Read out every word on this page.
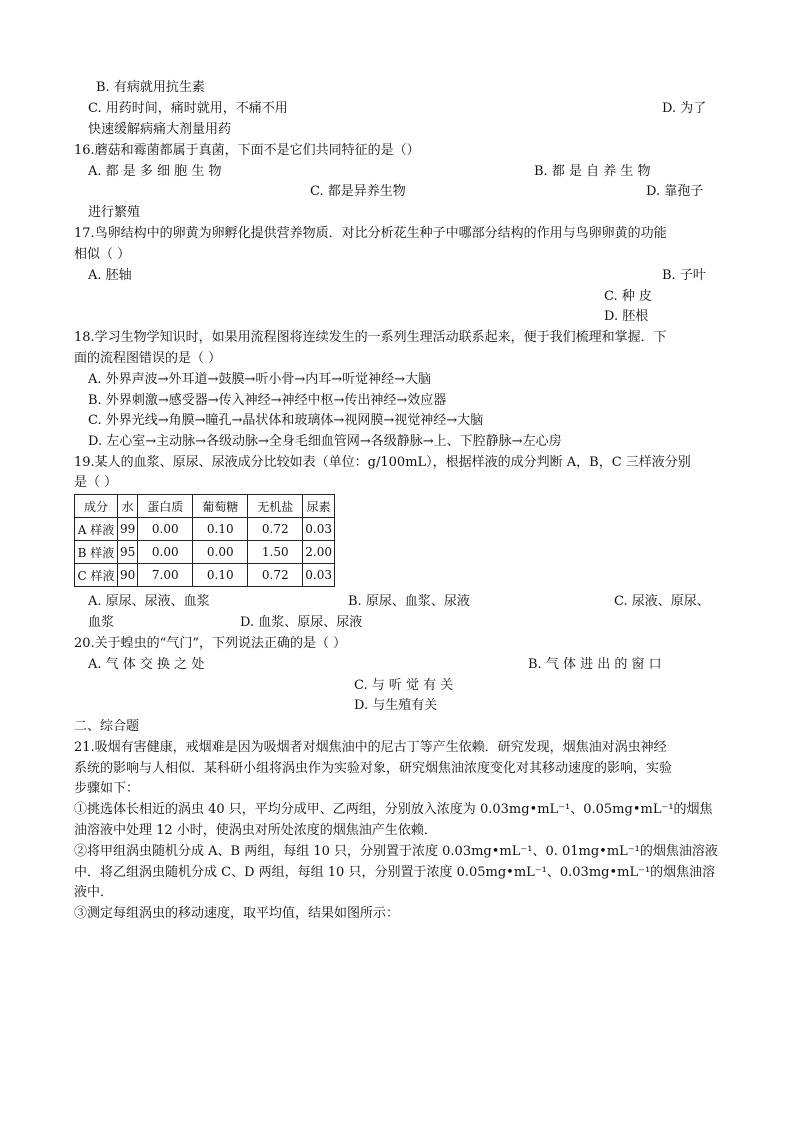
B. 有病就用抗生素
C. 用药时间，痛时就用，不痛不用	D. 为了
快速缓解病痛大剂量用药
16.蘑菇和霉菌都属于真菌，下面不是它们共同特征的是（）
A. 都 是 多 细 胞 生 物	B. 都 是 自 养 生 物
C. 都是异养生物	D. 靠孢子
进行繁殖
17.鸟卵结构中的卵黄为卵孵化提供营养物质．对比分析花生种子中哪部分结构的作用与鸟卵卵黄的功能
相似（ ）
A. 胚轴	B. 子叶
C. 种 皮
D. 胚根
18.学习生物学知识时，如果用流程图将连续发生的一系列生理活动联系起来，便于我们梳理和掌握．下
面的流程图错误的是（ ）
A. 外界声波→外耳道→鼓膜→听小骨→内耳→听觉神经→大脑
B. 外界刺激→感受器→传入神经→神经中枢→传出神经→效应器
C. 外界光线→角膜→瞳孔→晶状体和玻璃体→视网膜→视觉神经→大脑
D. 左心室→主动脉→各级动脉→全身毛细血管网→各级静脉→上、下腔静脉→左心房
19.某人的血浆、原尿、尿液成分比较如表（单位：g/100mL），根据样液的成分判断 A，B，C 三样液分别
是（ ）
成分	水	蛋白质	葡萄糖	无机盐	尿素
A 样液	99	0.00	0.10	0.72	0.03
B 样液	95	0.00	0.00	1.50	2.00
C 样液	90	7.00	0.10	0.72	0.03
A. 原尿、尿液、血浆	B. 原尿、血浆、尿液	C. 尿液、原尿、
血浆	D. 血浆、原尿、尿液
20.关于蝗虫的“气门”，下列说法正确的是（ ）
A. 气 体 交 换 之 处	B. 气 体 进 出 的 窗 口
C. 与 听 觉 有 关
D. 与生殖有关
二、综合题
21.吸烟有害健康，戒烟难是因为吸烟者对烟焦油中的尼古丁等产生依赖．研究发现，烟焦油对涡虫神经
系统的影响与人相似．某科研小组将涡虫作为实验对象，研究烟焦油浓度变化对其移动速度的影响，实验
步骤如下：
①挑选体长相近的涡虫 40 只，平均分成甲、乙两组，分别放入浓度为 0.03mg•mL⁻¹、0.05mg•mL⁻¹的烟焦
油溶液中处理 12 小时，使涡虫对所处浓度的烟焦油产生依赖．
②将甲组涡虫随机分成 A、B 两组，每组 10 只，分别置于浓度 0.03mg•mL⁻¹、0. 01mg•mL⁻¹的烟焦油溶液
中．将乙组涡虫随机分成 C、D 两组，每组 10 只，分别置于浓度 0.05mg•mL⁻¹、0.03mg•mL⁻¹的烟焦油溶
液中．
③测定每组涡虫的移动速度，取平均值，结果如图所示：
